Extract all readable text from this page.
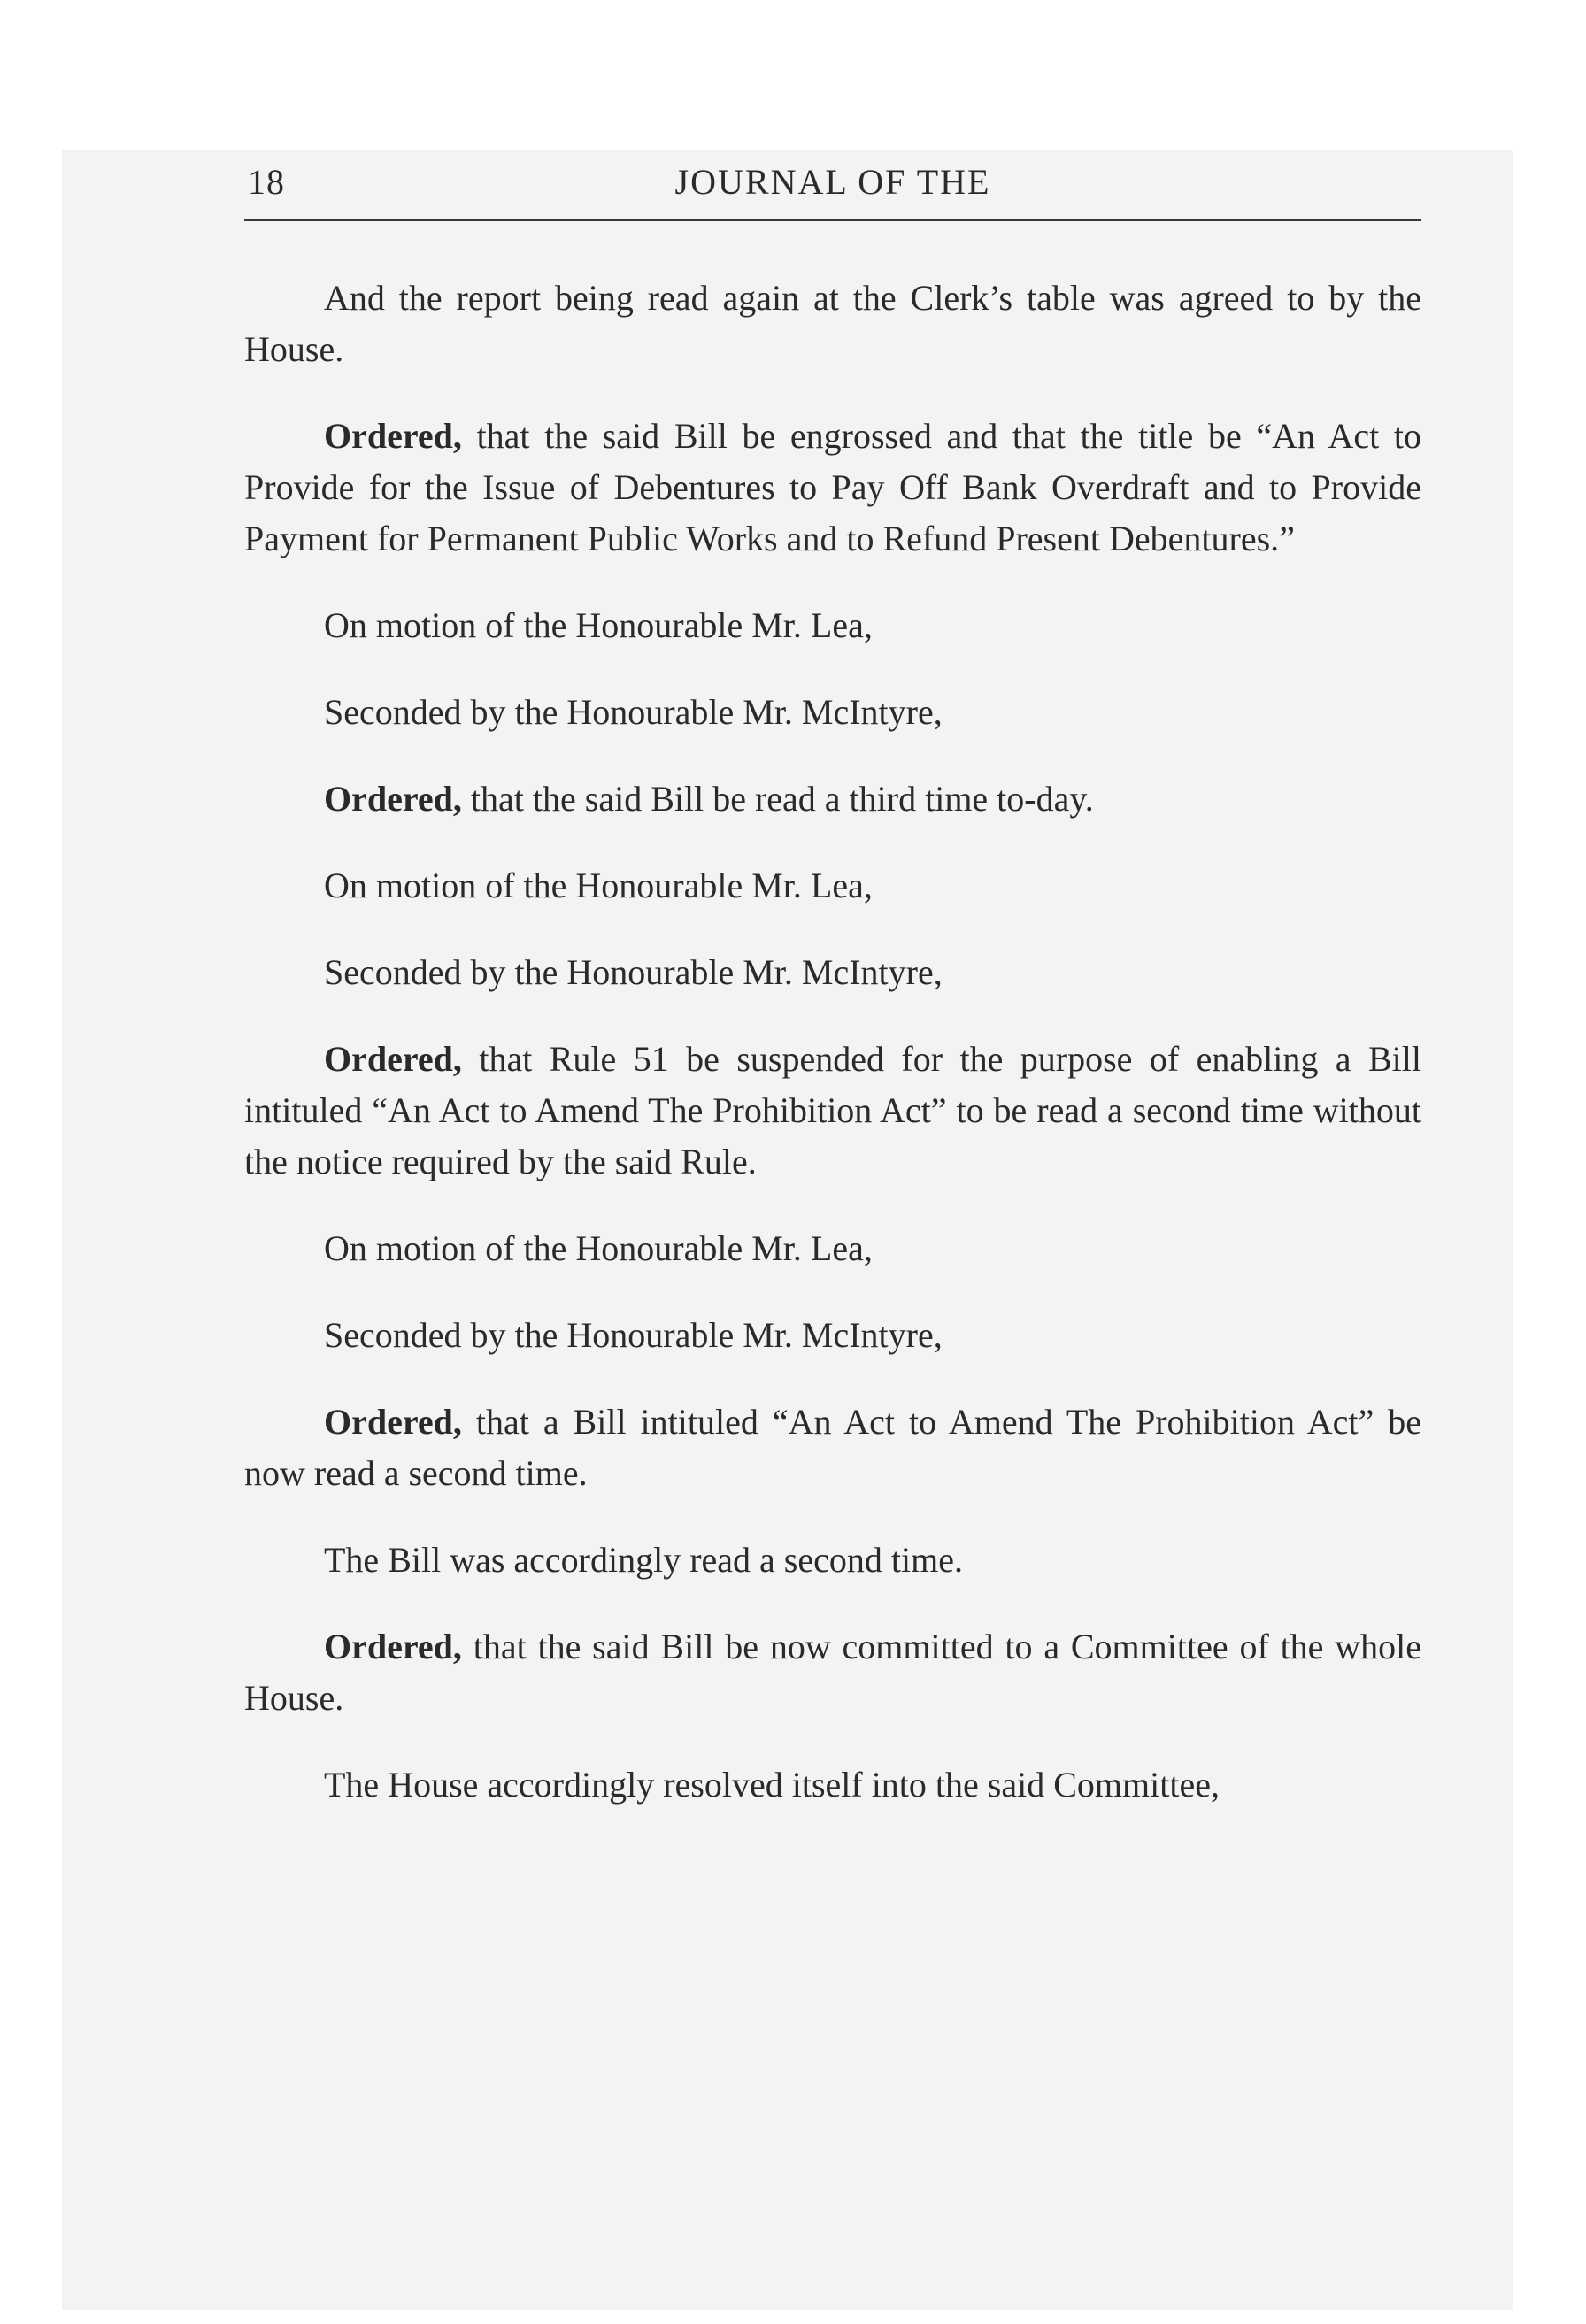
18	JOURNAL OF THE

And the report being read again at the Clerk’s table was agreed to by the House.

Ordered, that the said Bill be engrossed and that the title be “An Act to Provide for the Issue of Debentures to Pay Off Bank Overdraft and to Provide Payment for Permanent Public Works and to Refund Present Debentures.”

On motion of the Honourable Mr. Lea,

Seconded by the Honourable Mr. McIntyre,

Ordered, that the said Bill be read a third time to-day.

On motion of the Honourable Mr. Lea,

Seconded by the Honourable Mr. McIntyre,

Ordered, that Rule 51 be suspended for the purpose of enabling a Bill intituled “An Act to Amend The Prohibition Act” to be read a second time without the notice required by the said Rule.

On motion of the Honourable Mr. Lea,

Seconded by the Honourable Mr. McIntyre,

Ordered, that a Bill intituled “An Act to Amend The Prohibition Act” be now read a second time.

The Bill was accordingly read a second time.

Ordered, that the said Bill be now committed to a Committee of the whole House.

The House accordingly resolved itself into the said Committee,
